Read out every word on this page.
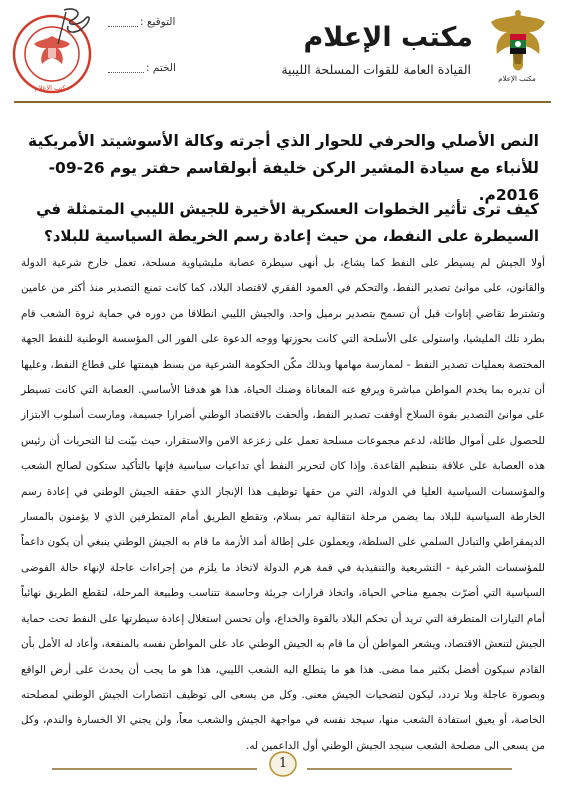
مكتب الإعلام
مكتب الإعلام
القيادة العامة للقوات المسلحة الليبية
التوقيع :
الختم :
مكتب الإعلام
النص الأصلي والحرفي للحوار الذي أجرته وكالة الأسوشيتد الأمريكية للأنباء مع سيادة المشير الركن خليفة أبولقاسم حفتر يوم 26-09-2016م.
كيف ترى تأثير الخطوات العسكرية الأخيرة للجيش الليبي المتمثلة في السيطرة على النفط، من حيث إعادة رسم الخريطة السياسية للبلاد؟
أولا الجيش لم يسيطر على النفط كما يشاع، بل أنهى سيطرة عصابة مليشياوية مسلحة، تعمل خارج شرعية الدولة والقانون، على موانئ تصدير النفط، والتحكم في العمود الفقري لاقتصاد البلاد، كما كانت تمنع التصدير منذ أكثر من عامين وتشترط تقاضي إتاوات قبل أن تسمح بتصدير برميل واحد. والجيش الليبي انطلاقا من دوره في حماية ثروة الشعب قام بطرد تلك المليشيا، واستولى على الأسلحة التي كانت بحوزتها ووجه الدعوة على الفور الى المؤسسة الوطنية للنفط الجهة المختصة بعمليات تصدير النفط - لممارسة مهامها وبذلك مكّن الحكومة الشرعية من بسط هيمنتها على قطاع النفط، وعليها أن تديره بما يخدم المواطن مباشرة ويرفع عنه المعاناة وضنك الحياة، هذا هو هدفنا الأساسي. العصابة التي كانت تسيطر على موانئ التصدير بقوة السلاح أوقفت تصدير النفط، وألحقت بالاقتصاد الوطني أضرارا جسيمة، ومارست أسلوب الابتزاز للحصول على أموال طائلة، لدعم مجموعات مسلحة تعمل على زعزعة الامن والاستقرار، حيث بيّنت لنا التحريات أن رئيس هذه العصابة على علاقة بتنظيم القاعدة. وإذا كان لتحرير النفط أي تداعيات سياسية فإنها بالتأكيد ستكون لصالح الشعب والمؤسسات السياسية العليا في الدولة، التي من حقها توظيف هذا الإنجاز الذي حققه الجيش الوطني في إعادة رسم الخارطة السياسية للبلاد بما يضمن مرحلة انتقالية تمر بسلام، وتقطع الطريق أمام المتطرفين الذي لا يؤمنون بالمسار الديمقراطي والتبادل السلمي على السلطة، ويعملون على إطالة أمد الأزمة ما قام به الجيش الوطني ينبغي أن يكون داعماً للمؤسسات الشرعية - التشريعية والتنفيذية في قمة هرم الدولة لاتخاذ ما يلزم من إجراءات عاجلة لإنهاء حالة الفوضى السياسية التي أضرّت بجميع مناحي الحياة، واتخاذ قرارات جريئة وحاسمة تتناسب وطبيعة المرحلة، لتقطع الطريق نهائياً أمام التيارات المتطرفة التي تريد أن تحكم البلاد بالقوة والخداع، وأن تحسن استغلال إعادة سيطرتها على النفط تحت حماية الجيش لتنعش الاقتصاد، ويشعر المواطن أن ما قام به الجيش الوطني عاد على المواطن نفسه بالمنفعة، وأعاد له الأمل بأن القادم سيكون أفضل بكثير مما مضى. هذا هو ما يتطلع اليه الشعب الليبي، هذا هو ما يجب أن يحدث على أرض الواقع وبصورة عاجلة وبلا تردد، ليكون لتضحيات الجيش معنى. وكل من يسعى الى توظيف انتصارات الجيش الوطني لمصلحته الخاصة، أو يعيق استفادة الشعب منها، سيجد نفسه في مواجهة الجيش والشعب معاً، ولن يجني الا الخسارة والندم، وكل من يسعى الى مصلحة الشعب سيجد الجيش الوطني أول الداعمين له.
1
